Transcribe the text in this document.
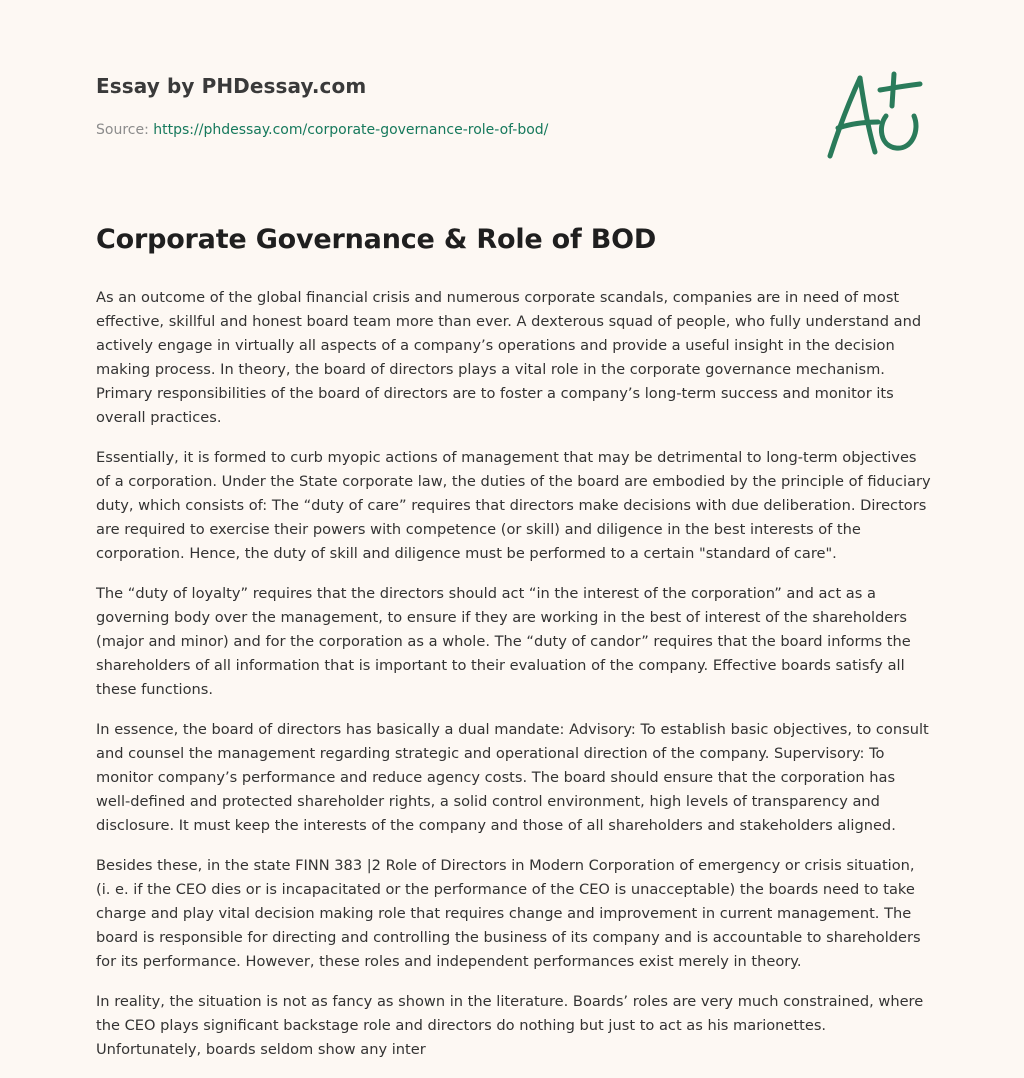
Essay by PHDessay.com
Source: https://phdessay.com/corporate-governance-role-of-bod/
Corporate Governance & Role of BOD

As an outcome of the global financial crisis and numerous corporate scandals, companies are in need of most effective, skillful and honest board team more than ever. A dexterous squad of people, who fully understand and actively engage in virtually all aspects of a company’s operations and provide a useful insight in the decision making process. In theory, the board of directors plays a vital role in the corporate governance mechanism. Primary responsibilities of the board of directors are to foster a company’s long-term success and monitor its overall practices.

Essentially, it is formed to curb myopic actions of management that may be detrimental to long-term objectives of a corporation. Under the State corporate law, the duties of the board are embodied by the principle of fiduciary duty, which consists of: The “duty of care” requires that directors make decisions with due deliberation. Directors are required to exercise their powers with competence (or skill) and diligence in the best interests of the corporation. Hence, the duty of skill and diligence must be performed to a certain "standard of care".

The “duty of loyalty” requires that the directors should act “in the interest of the corporation” and act as a governing body over the management, to ensure if they are working in the best of interest of the shareholders (major and minor) and for the corporation as a whole. The “duty of candor” requires that the board informs the shareholders of all information that is important to their evaluation of the company. Effective boards satisfy all these functions.

In essence, the board of directors has basically a dual mandate: Advisory: To establish basic objectives, to consult and counsel the management regarding strategic and operational direction of the company. Supervisory: To monitor company’s performance and reduce agency costs. The board should ensure that the corporation has well-defined and protected shareholder rights, a solid control environment, high levels of transparency and disclosure. It must keep the interests of the company and those of all shareholders and stakeholders aligned.

Besides these, in the state FINN 383 |2 Role of Directors in Modern Corporation of emergency or crisis situation, (i. e. if the CEO dies or is incapacitated or the performance of the CEO is unacceptable) the boards need to take charge and play vital decision making role that requires change and improvement in current management. The board is responsible for directing and controlling the business of its company and is accountable to shareholders for its performance. However, these roles and independent performances exist merely in theory.

In reality, the situation is not as fancy as shown in the literature. Boards’ roles are very much constrained, where the CEO plays significant backstage role and directors do nothing but just to act as his marionettes. Unfortunately, boards seldom show any inter
